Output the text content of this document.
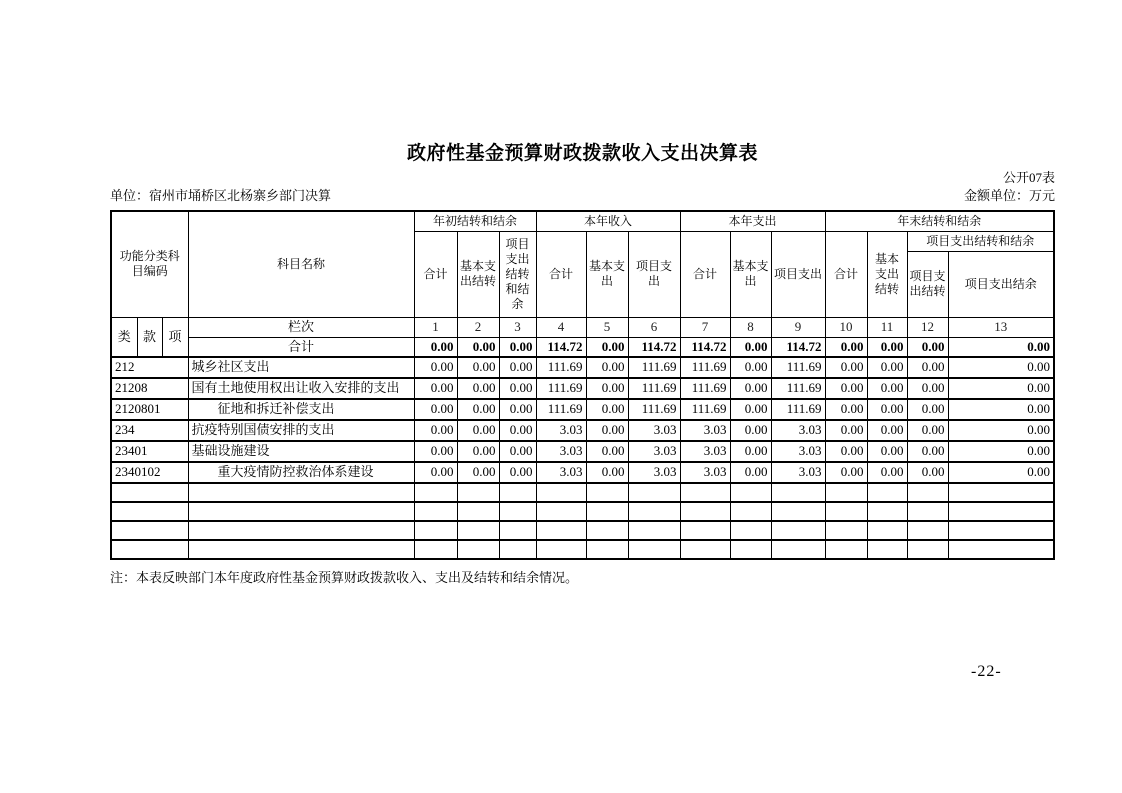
政府性基金预算财政拨款收入支出决算表
公开07表
单位：宿州市埇桥区北杨寨乡部门决算	金额单位：万元
功能分类科目编码			科目名称	年初结转和结余			本年收入			本年支出			年末结转和结余			
				合计	基本支出结转	项目支出结转和结余	合计	基本支出	项目支出	合计	基本支出	项目支出	合计	基本支出结转	项目支出结转和结余	
															项目支出结转	项目支出结余
类	款	项	栏次	1	2	3	4	5	6	7	8	9	10	11	12	13
			合计	0.00	0.00	0.00	114.72	0.00	114.72	114.72	0.00	114.72	0.00	0.00	0.00	0.00
212			城乡社区支出	0.00	0.00	0.00	111.69	0.00	111.69	111.69	0.00	111.69	0.00	0.00	0.00	0.00
21208			国有土地使用权出让收入安排的支出	0.00	0.00	0.00	111.69	0.00	111.69	111.69	0.00	111.69	0.00	0.00	0.00	0.00
2120801			征地和拆迁补偿支出	0.00	0.00	0.00	111.69	0.00	111.69	111.69	0.00	111.69	0.00	0.00	0.00	0.00
234			抗疫特别国债安排的支出	0.00	0.00	0.00	3.03	0.00	3.03	3.03	0.00	3.03	0.00	0.00	0.00	0.00
23401			基础设施建设	0.00	0.00	0.00	3.03	0.00	3.03	3.03	0.00	3.03	0.00	0.00	0.00	0.00
2340102			重大疫情防控救治体系建设	0.00	0.00	0.00	3.03	0.00	3.03	3.03	0.00	3.03	0.00	0.00	0.00	0.00

注：本表反映部门本年度政府性基金预算财政拨款收入、支出及结转和结余情况。
-22-
